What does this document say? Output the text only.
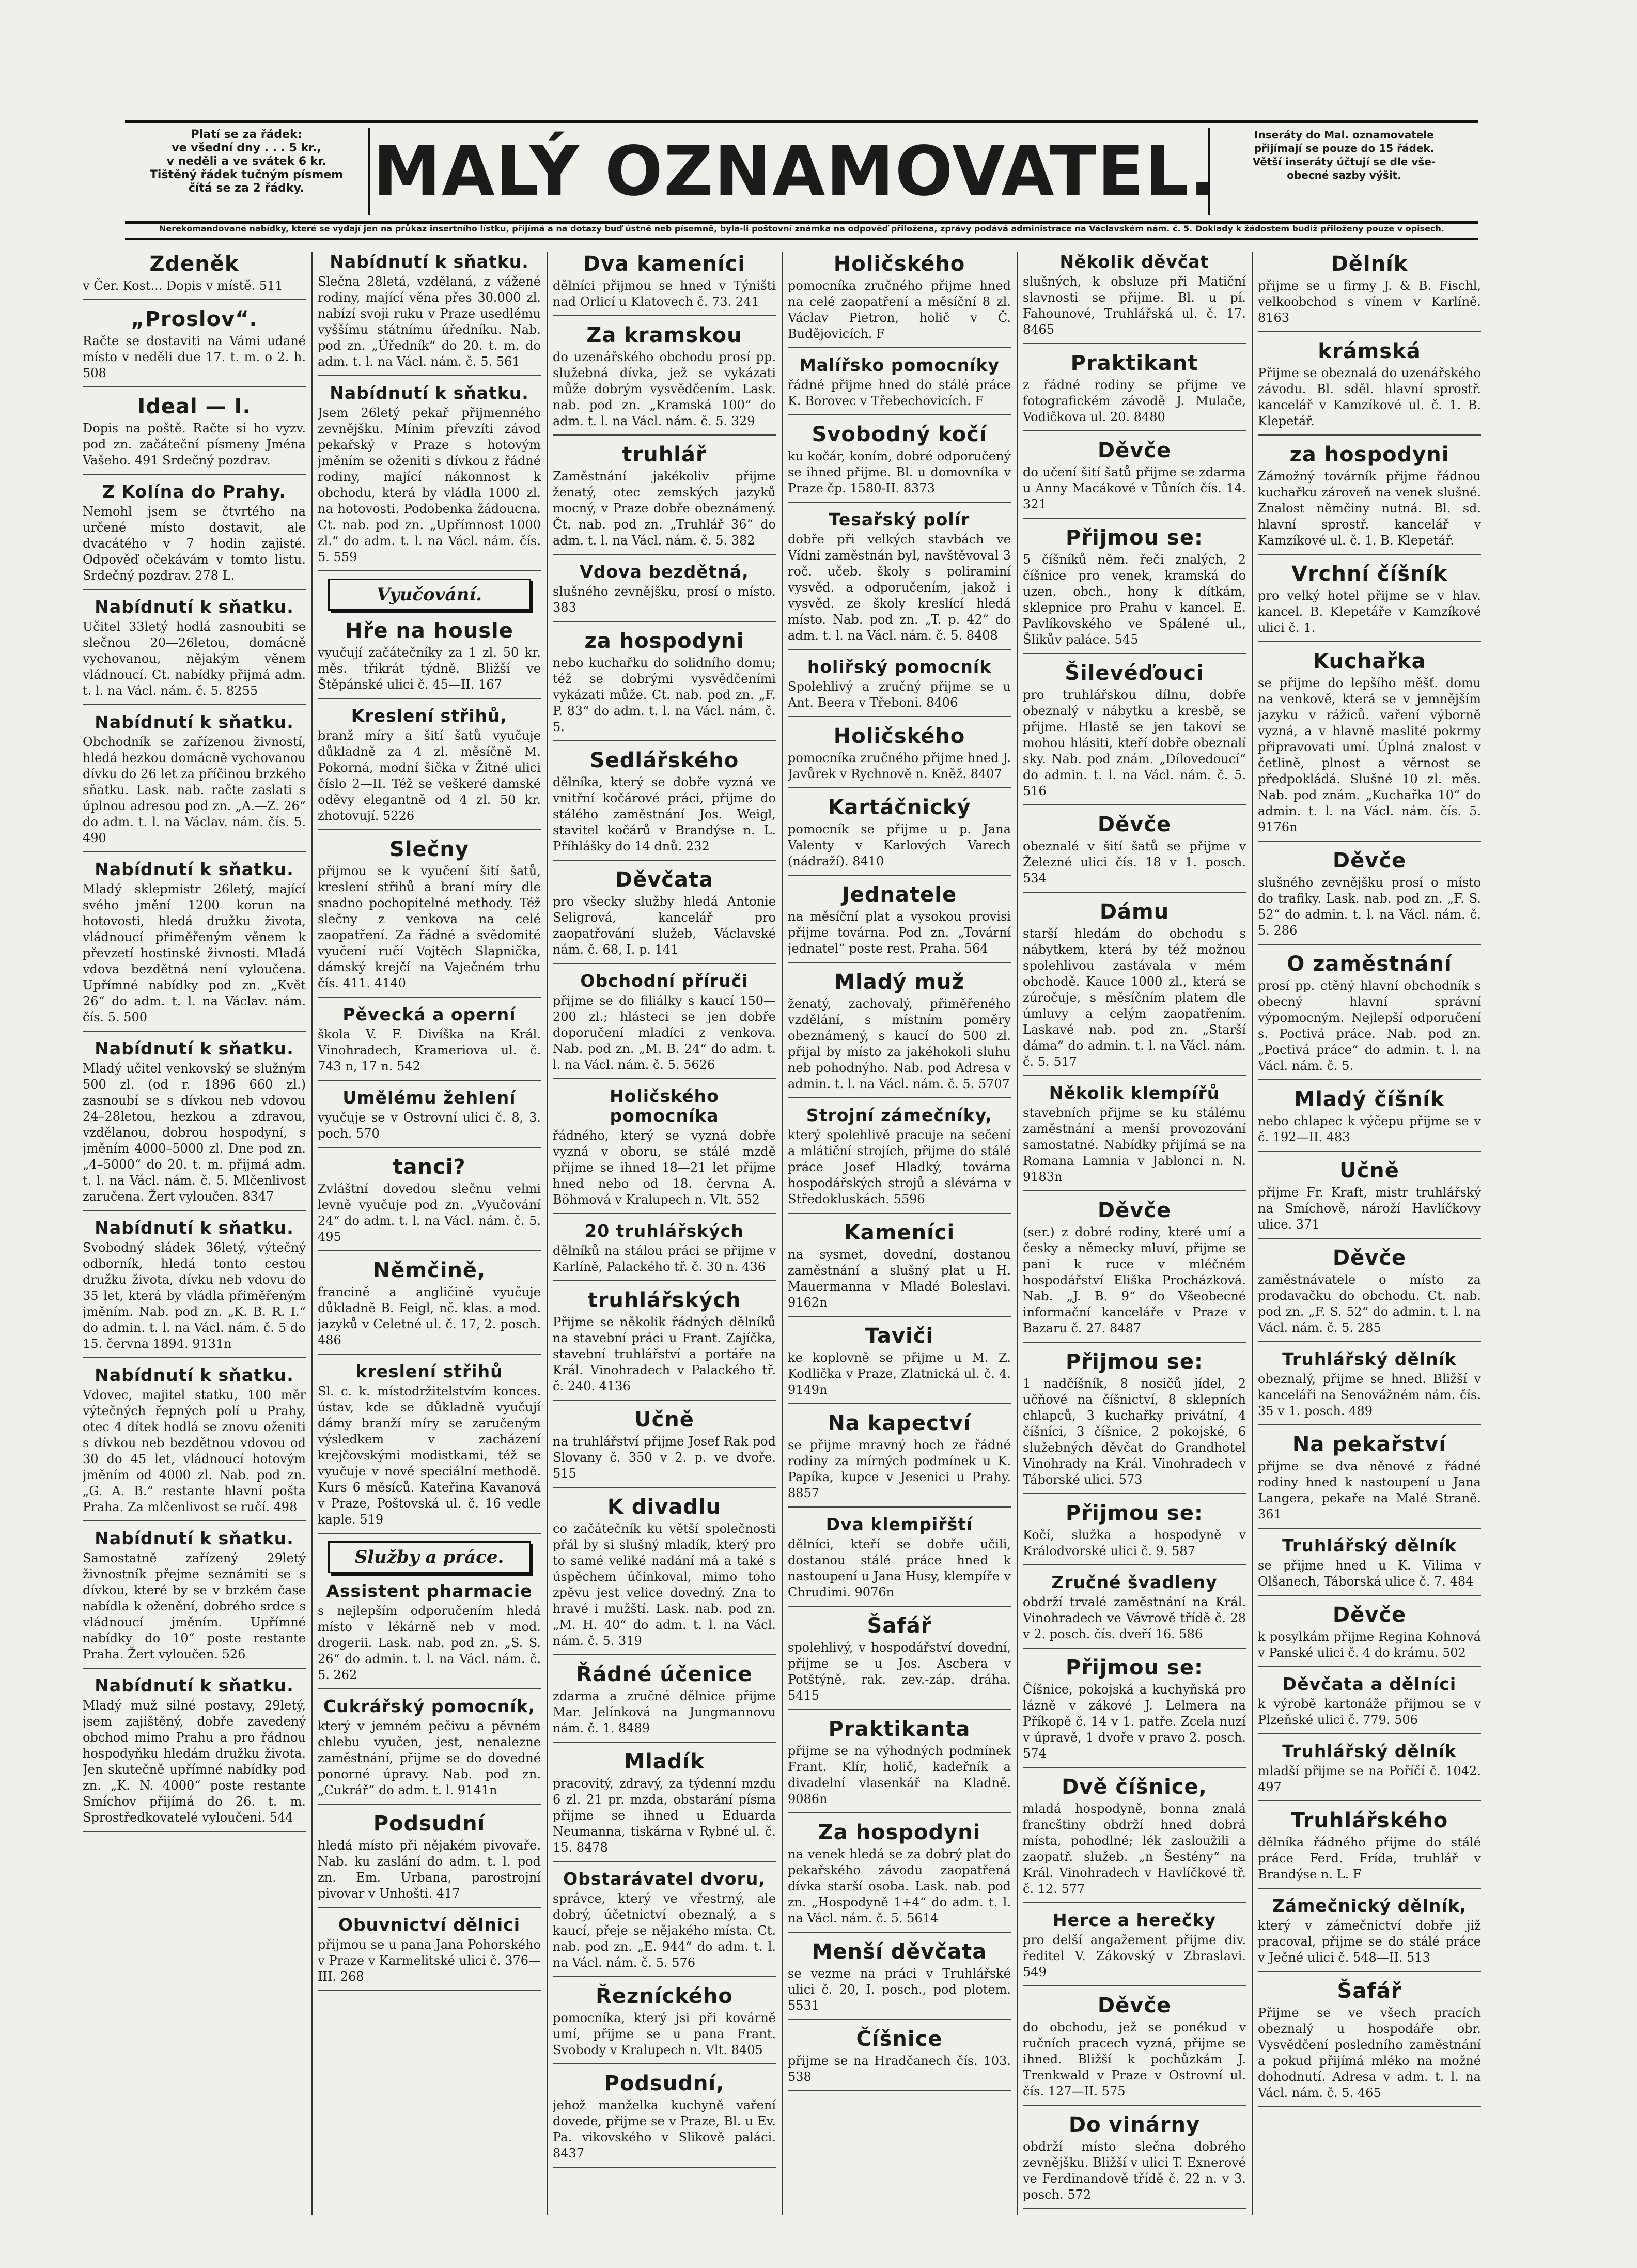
Platí se za řádek:
ve všední dny . . . 5 kr.,
v neděli a ve svátek 6 kr.
Tištěný řádek tučným písmem
čítá se za 2 řádky.	MALÝ OZNAMOVATEL.	Inseráty do Mal. oznamovatele
přijímají se pouze do 15 řádek.
Větší inseráty účtují se dle vše-
obecné sazby výšit.
Nerekomandované nabídky, které se vydají jen na průkaz insertního lístku, přijímá a na dotazy buď ústně neb písemně, byla-li poštovní známka na odpověď přiložena, zprávy podává administrace na Václavském nám. č. 5. Doklady k žádostem budiž přiloženy pouze v opisech.
Zdeněk

v Čer. Kost... Dopis v místě. 511

„Proslov“.

Račte se dostaviti na Vámi udané místo v neděli due 17. t. m. o 2. h. 508

Ideal — I.

Dopis na poště. Račte si ho vyzv. pod zn. začáteční písmeny Jména Vašeho. 491 Srdečný pozdrav.

Z Kolína do Prahy.

Nemohl jsem se čtvrtého na určené místo dostavit, ale dvacátého v 7 hodin zajisté. Odpověď očekávám v tomto listu. Srdečný pozdrav. 278 L.

Nabídnutí k sňatku.

Učitel 33letý hodlá zasnoubiti se slečnou 20—26letou, domácně vychovanou, nějakým věnem vládnoucí. Ct. nabídky přijmá adm. t. l. na Václ. nám. č. 5. 8255

Nabídnutí k sňatku.

Obchodník se zařízenou živností, hledá hezkou domácně vychovanou dívku do 26 let za příčinou brzkého sňatku. Lask. nab. račte zaslati s úplnou adresou pod zn. „A.—Z. 26“ do adm. t. l. na Václav. nám. čís. 5. 490

Nabídnutí k sňatku.

Mladý sklepmistr 26letý, mající svého jmění 1200 korun na hotovosti, hledá družku života, vládnoucí přiměřeným věnem k převzetí hostinské živnosti. Mladá vdova bezdětná není vyloučena. Upřímné nabídky pod zn. „Květ 26“ do adm. t. l. na Václav. nám. čís. 5. 500

Nabídnutí k sňatku.

Mladý učitel venkovský se služným 500 zl. (od r. 1896 660 zl.) zasnoubí se s dívkou neb vdovou 24–28letou, hezkou a zdravou, vzdělanou, dobrou hospodyní, s jměním 4000–5000 zl. Dne pod zn. „4–5000“ do 20. t. m. přijmá adm. t. l. na Václ. nám. č. 5. Mlčenlivost zaručena. Žert vyloučen. 8347

Nabídnutí k sňatku.

Svobodný sládek 36letý, výtečný odborník, hledá tonto cestou družku života, dívku neb vdovu do 35 let, která by vládla přiměřeným jměním. Nab. pod zn. „K. B. R. I.“ do admin. t. l. na Václ. nám. č. 5 do 15. června 1894. 9131n

Nabídnutí k sňatku.

Vdovec, majitel statku, 100 měr výtečných řepných polí u Prahy, otec 4 dítek hodlá se znovu oženiti s dívkou neb bezdětnou vdovou od 30 do 45 let, vládnoucí hotovým jměním od 4000 zl. Nab. pod zn. „G. A. B.“ restante hlavní pošta Praha. Za mlčenlivost se ručí. 498

Nabídnutí k sňatku.

Samostatně zařízený 29letý živnostník přejme seznámiti se s dívkou, které by se v brzkém čase nabídla k oženění, dobrého srdce s vládnoucí jměním. Upřímné nabídky do 10“ poste restante Praha. Žert vyloučen. 526

Nabídnutí k sňatku.

Mladý muž silné postavy, 29letý, jsem zajištěný, dobře zavedený obchod mimo Prahu a pro řádnou hospodyňku hledám družku života. Jen skutečně upřímné nabídky pod zn. „K. N. 4000“ poste restante Smíchov přijímá do 26. t. m. Sprostředkovatelé vyloučeni. 544

Nabídnutí k sňatku.

Slečna 28letá, vzdělaná, z vážené rodiny, mající věna přes 30.000 zl. nabízí svoji ruku v Praze usedlému vyššímu státnímu úředníku. Nab. pod zn. „Úředník“ do 20. t. m. do adm. t. l. na Václ. nám. č. 5. 561

Nabídnutí k sňatku.

Jsem 26letý pekař přijmenného zevnějšku. Mínim převzíti závod pekařský v Praze s hotovým jměním se oženiti s dívkou z řádné rodiny, mající nákonnost k obchodu, která by vládla 1000 zl. na hotovosti. Podobenka žádoucna. Ct. nab. pod zn. „Upřímnost 1000 zl.“ do adm. t. l. na Václ. nám. čís. 5. 559

Vyučování.
Hře na housle

vyučují začátečníky za 1 zl. 50 kr. měs. třikrát týdně. Bližší ve Štěpánské ulici č. 45—II. 167

Kreslení střihů,

branž míry a šití šatů vyučuje důkladně za 4 zl. měsíčně M. Pokorná, modní šička v Žitné ulici číslo 2—II. Též se veškeré damské oděvy elegantně od 4 zl. 50 kr. zhotovují. 5226

Slečny

přijmou se k vyučení šití šatů, kreslení střihů a braní míry dle snadno pochopitelné methody. Též slečny z venkova na celé zaopatření. Za řádné a svědomité vyučení ručí Vojtěch Slapnička, dámský krejčí na Vaječném trhu čís. 411. 4140

Pěvecká a operní

škola V. F. Divíška na Král. Vinohradech, Krameriova ul. č. 743 n, 17 n. 542

Umělému žehlení

vyučuje se v Ostrovní ulici č. 8, 3. poch. 570

tanci?

Zvláštní dovedou slečnu velmi levně vyučuje pod zn. „Vyučování 24“ do adm. t. l. na Václ. nám. č. 5. 495

Němčině,

francině a angličině vyučuje důkladně B. Feigl, nč. klas. a mod. jazyků v Celetné ul. č. 17, 2. posch. 486

kreslení střihů

Sl. c. k. místodržitelstvím konces. ústav, kde se důkladně vyučují dámy branží míry se zaručeným výsledkem v zacházení krejčovskými modistkami, též se vyučuje v nové speciální methodě. Kurs 6 měsíců. Kateřina Kavanová v Praze, Poštovská ul. č. 16 vedle kaple. 519

Služby a práce.
Assistent pharmacie

s nejlepším odporučením hledá místo v lékárně neb v mod. drogerii. Lask. nab. pod zn. „S. S. 26“ do admin. t. l. na Václ. nám. č. 5. 262

Cukrářský pomocník,

který v jemném pečivu a pěvném chlebu vyučen, jest, nenalezne zaměstnání, přijme se do dovedné ponorné úpravy. Nab. pod zn. „Cukrář“ do adm. t. l. 9141n

Podsudní

hledá místo při nějakém pivovaře. Nab. ku zaslání do adm. t. l. pod zn. Em. Urbana, parostrojní pivovar v Unhošti. 417

Obuvnictví dělnici

přijmou se u pana Jana Pohorského v Praze v Karmelitské ulici č. 376—III. 268

Dva kameníci

dělníci přijmou se hned v Týništi nad Orlicí u Klatovech č. 73. 241

Za kramskou

do uzenářského obchodu prosí pp. služebná dívka, jež se vykázati může dobrým vysvědčením. Lask. nab. pod zn. „Kramská 100“ do adm. t. l. na Václ. nám. č. 5. 329

truhlář

Zaměstnání jakékoliv přijme ženatý, otec zemských jazyků mocný, v Praze dobře obeznámený. Čt. nab. pod zn. „Truhlář 36“ do adm. t. l. na Václ. nám. č. 5. 382

Vdova bezdětná,

slušného zevnějšku, prosí o místo. 383

za hospodyni

nebo kuchařku do solidního domu; též se dobrými vysvědčeními vykázati může. Ct. nab. pod zn. „F. P. 83“ do adm. t. l. na Václ. nám. č. 5.

Sedlářského

dělníka, který se dobře vyzná ve vnitřní kočárové práci, přijme do stálého zaměstnání Jos. Weigl, stavitel kočárů v Brandýse n. L. Příhlášky do 14 dnů. 232

Děvčata

pro všecky služby hledá Antonie Seligrová, kancelář pro zaopatřování služeb, Václavské nám. č. 68, I. p. 141

Obchodní příruči

přijme se do filiálky s kaucí 150—200 zl.; hlásteci se jen dobře doporučení mladíci z venkova. Nab. pod zn. „M. B. 24“ do adm. t. l. na Václ. nám. č. 5. 5626

Holičského pomocníka

řádného, který se vyzná dobře vyzná v oboru, se stálé mzdě přijme se ihned 18—21 let přijme hned nebo od 18. června A. Böhmová v Kralupech n. Vlt. 552

20 truhlářských

dělníků na stálou práci se přijme v Karlíně, Palackého tř. č. 30 n. 436

truhlářských

Přijme se několik řádných dělníků na stavební práci u Frant. Zajíčka, stavební truhlářství a portáře na Král. Vinohradech v Palackého tř. č. 240. 4136

Učně

na truhlářství přijme Josef Rak pod Slovany č. 350 v 2. p. ve dvoře. 515

K divadlu

co začátečník ku větší společnosti přál by si slušný mladík, který pro to samé veliké nadání má a také s úspěchem účinkoval, mimo toho zpěvu jest velice dovedný. Zna to hravé i mužští. Lask. nab. pod zn. „M. H. 40“ do adm. t. l. na Václ. nám. č. 5. 319

Řádné účenice

zdarma a zručné dělnice přijme Mar. Jelínková na Jungmannovu nám. č. 1. 8489

Mladík

pracovitý, zdravý, za týdenní mzdu 6 zl. 21 pr. mzda, obstarání písma přijme se ihned u Eduarda Neumanna, tiskárna v Rybné ul. č. 15. 8478

Obstarávatel dvoru,

správce, který ve vřestrný, ale dobrý, účetnictví obeznalý, a s kaucí, přeje se nějakého místa. Ct. nab. pod zn. „E. 944“ do adm. t. l. na Václ. nám. č. 5. 576

Řezníckého

pomocníka, který jsi při kovárně umí, přijme se u pana Frant. Svobody v Kralupech n. Vlt. 8405

Podsudní,

jehož manželka kuchyně vaření dovede, přijme se v Praze, Bl. u Ev. Pa. vikovského v Slikově paláci. 8437

Holičského

pomocníka zručného přijme hned na celé zaopatření a měsíční 8 zl. Václav Pietron, holič v Č. Budějovicích. F

Malířsko pomocníky

řádné přijme hned do stálé práce K. Borovec v Třebechovicích. F

Svobodný kočí

ku kočár, koním, dobré odporučený se ihned přijme. Bl. u domovníka v Praze čp. 1580-II. 8373

Tesařský polír

dobře při velkých stavbách ve Vídni zaměstnán byl, navštěvoval 3 roč. učeb. školy s poliraminí vysvěd. a odporučením, jakož i vysvěd. ze školy kreslící hledá místo. Nab. pod zn. „T. p. 42“ do adm. t. l. na Václ. nám. č. 5. 8408

holiřský pomocník

Spolehlivý a zručný přijme se u Ant. Beera v Třeboni. 8406

Holičského

pomocníka zručného přijme hned J. Javůrek v Rychnově n. Kněž. 8407

Kartáčnický

pomocník se přijme u p. Jana Valenty v Karlových Varech (nádraží). 8410

Jednatele

na měsíční plat a vysokou provisi přijme továrna. Pod zn. „Tovární jednatel“ poste rest. Praha. 564

Mladý muž

ženatý, zachovalý, přiměřeného vzdělání, s místním poměry obeznámený, s kaucí do 500 zl. přijal by místo za jakéhokoli sluhu neb pohodnýho. Nab. pod Adresa v admin. t. l. na Václ. nám. č. 5. 5707

Strojní zámečníky,

který spolehlivě pracuje na sečení a mlátiční strojích, přijme do stálé práce Josef Hladký, továrna hospodářských strojů a slévárna v Středokluskách. 5596

Kameníci

na sysmet, dovední, dostanou zaměstnání a slušný plat u H. Mauermanna v Mladé Boleslavi. 9162n

Taviči

ke koplovně se přijme u M. Z. Kodlička v Praze, Zlatnická ul. č. 4. 9149n

Na kapectví

se přijme mravný hoch ze řádné rodiny za mírných podmínek u K. Papíka, kupce v Jesenici u Prahy. 8857

Dva klempiřští

dělníci, kteří se dobře učili, dostanou stálé práce hned k nastoupení u Jana Husy, klempíře v Chrudimi. 9076n

Šafář

spolehlivý, v hospodářství dovední, přijme se u Jos. Ascbera v Potštýně, rak. zev.-záp. dráha. 5415

Praktikanta

přijme se na výhodných podmínek Frant. Klír, holič, kadeřník a divadelní vlasenkář na Kladně. 9086n

Za hospodyni

na venek hledá se za dobrý plat do pekařského závodu zaopatřená dívka starší osoba. Lask. nab. pod zn. „Hospodyně 1+4“ do adm. t. l. na Václ. nám. č. 5. 5614

Menší děvčata

se vezme na práci v Truhlářské ulici č. 20, I. posch., pod plotem. 5531

Číšnice

přijme se na Hradčanech čís. 103. 538

Několik děvčat

slušných, k obsluze při Matiční slavnosti se přijme. Bl. u pí. Fahounové, Truhlářská ul. č. 17. 8465

Praktikant

z řádné rodiny se přijme ve fotografickém závodě J. Mulače, Vodičkova ul. 20. 8480

Děvče

do učení šití šatů přijme se zdarma u Anny Macákové v Tůních čís. 14. 321

Přijmou se:

5 číšníků něm. řeči znalých, 2 číšnice pro venek, kramská do uzen. obch., hony k dítkám, sklepnice pro Prahu v kancel. E. Pavlíkovského ve Spálené ul., Šlikův paláce. 545

Šilevéďouci

pro truhlářskou dílnu, dobře obeznalý v nábytku a kresbě, se přijme. Hlastě se jen takoví se mohou hlásiti, kteří dobře obeznalí sky. Nab. pod znám. „Dílovedoucí“ do admin. t. l. na Václ. nám. č. 5. 516

Děvče

obeznalé v šití šatů se přijme v Železné ulici čís. 18 v 1. posch. 534

Dámu

starší hledám do obchodu s nábytkem, která by též možnou spolehlivou zastávala v mém obchodě. Kauce 1000 zl., která se zúročuje, s měsíčním platem dle úmluvy a celým zaopatřením. Laskavé nab. pod zn. „Starší dáma“ do admin. t. l. na Václ. nám. č. 5. 517

Několik klempířů

stavebních přijme se ku stálému zaměstnání a menší provozování samostatné. Nabídky přijímá se na Romana Lamnia v Jablonci n. N. 9183n

Děvče

(ser.) z dobré rodiny, které umí a česky a německy mluví, přijme se pani k ruce v mléčném hospodářství Eliška Procházková. Nab. „J. B. 9“ do Všeobecné informační kanceláře v Praze v Bazaru č. 27. 8487

Přijmou se:

1 nadčíšník, 8 nosičů jídel, 2 učňové na číšnictví, 8 sklepních chlapců, 3 kuchařky privátní, 4 číšníci, 3 číšnice, 2 pokojské, 6 služebných děvčat do Grandhotel Vinohrady na Král. Vinohradech v Táborské ulici. 573

Přijmou se:

Kočí, služka a hospodyně v Králodvorské ulici č. 9. 587

Zručné švadleny

obdrží trvalé zaměstnání na Král. Vinohradech ve Vávrově třídě č. 28 v 2. posch. čís. dveří 16. 586

Přijmou se:

Číšnice, pokojská a kuchyňská pro lázně v zákové J. Lelmera na Příkopě č. 14 v 1. patře. Zcela nuzí v úpravě, 1 dvoře v pravo 2. posch. 574

Dvě číšnice,

mladá hospodyně, bonna znalá francštiny obdrží hned dobrá místa, pohodlné; lék zasloužili a zaopatř. služeb. „n Šestény“ na Král. Vinohradech v Havlíčkové tř. č. 12. 577

Herce a herečky

pro delší angažement přijme div. ředitel V. Zákovský v Zbraslavi. 549

Děvče

do obchodu, jež se ponékud v ručních pracech vyzná, přijme se ihned. Bližší k pochůzkám J. Trenkwald v Praze v Ostrovní ul. čís. 127—II. 575

Do vinárny

obdrží místo slečna dobrého zevnějšku. Bližší v ulici T. Exnerové ve Ferdinandově třídě č. 22 n. v 3. posch. 572

Dělník

přijme se u firmy J. & B. Fischl, velkoobchod s vínem v Karlíně. 8163

krámská

Přijme se obeznalá do uzenářského závodu. Bl. sděl. hlavní sprostř. kancelář v Kamzíkové ul. č. 1. B. Klepetář.

za hospodyni

Zámožný továrník přijme řádnou kuchařku zároveň na venek slušné. Znalost němčiny nutná. Bl. sd. hlavní sprostř. kancelář v Kamzíkové ul. č. 1. B. Klepetář.

Vrchní číšník

pro velký hotel přijme se v hlav. kancel. B. Klepetáře v Kamzíkové ulici č. 1.

Kuchařka

se přijme do lepšího měšť. domu na venkově, která se v jemnějším jazyku v rážiců. vaření výborně vyzná, a v hlavně maslité pokrmy připravovati umí. Úplná znalost v četlině, plnost a věrnost se předpokládá. Slušné 10 zl. měs. Nab. pod znám. „Kuchařka 10“ do admin. t. l. na Václ. nám. čís. 5. 9176n

Děvče

slušného zevnějšku prosí o místo do trafiky. Lask. nab. pod zn. „F. S. 52“ do admin. t. l. na Václ. nám. č. 5. 286

O zaměstnání

prosí pp. ctěný hlavní obchodník s obecný hlavní správní výpomocným. Nejlepší odporučení s. Poctivá práce. Nab. pod zn. „Poctivá práce“ do admin. t. l. na Václ. nám. č. 5.

Mladý číšník

nebo chlapec k výčepu přijme se v č. 192—II. 483

Učně

přijme Fr. Kraft, mistr truhlářský na Smíchově, nároží Havlíčkovy ulice. 371

Děvče

zaměstnávatele o místo za prodavačku do obchodu. Ct. nab. pod zn. „F. S. 52“ do admin. t. l. na Václ. nám. č. 5. 285

Truhlářský dělník

obeznalý, přijme se hned. Bližší v kanceláři na Senovážném nám. čís. 35 v 1. posch. 489

Na pekařství

přijme se dva něnové z řádné rodiny hned k nastoupení u Jana Langera, pekaře na Malé Straně. 361

Truhlářský dělník

se přijme hned u K. Vilima v Olšanech, Táborská ulice č. 7. 484

Děvče

k posylkám přijme Regina Kohnová v Panské ulici č. 4 do krámu. 502

Děvčata a dělníci

k výrobě kartonáže přijmou se v Plzeňské ulici č. 779. 506

Truhlářský dělník

mladší přijme se na Poříčí č. 1042. 497

Truhlářského

dělníka řádného přijme do stálé práce Ferd. Frída, truhlář v Brandýse n. L. F

Zámečnický dělník,

který v zámečnictví dobře již pracoval, přijme se do stálé práce v Ječné ulici č. 548—II. 513

Šafář

Přijme se ve všech pracích obeznalý u hospodáře obr. Vysvědčení posledního zaměstnání a pokud přijímá mléko na možné dohodnutí. Adresa v adm. t. l. na Václ. nám. č. 5. 465
